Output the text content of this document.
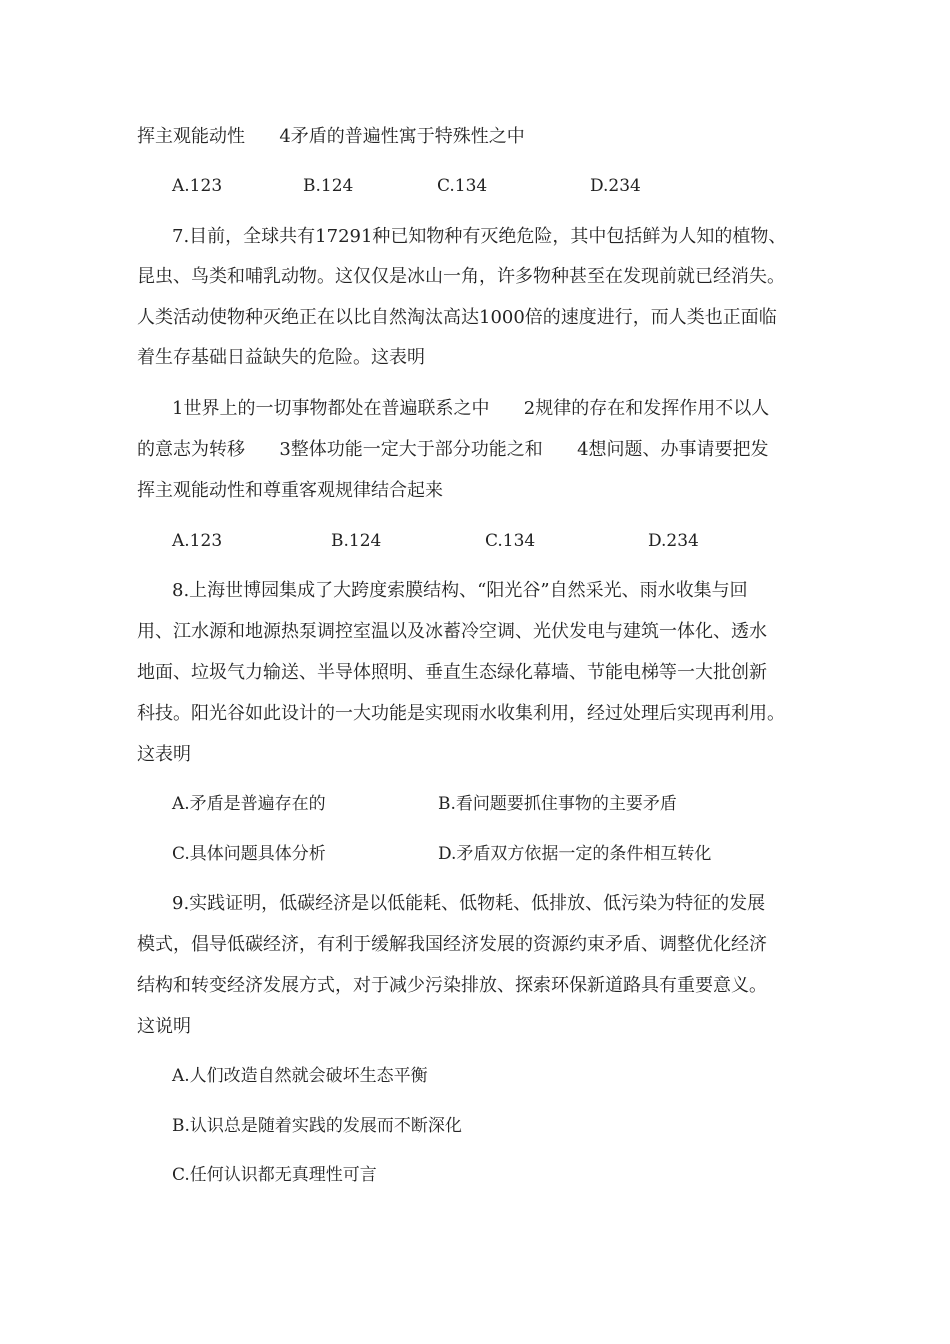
挥主观能动性      4矛盾的普遍性寓于特殊性之中
A.123	B.124	C.134	D.234
7.目前，全球共有17291种已知物种有灭绝危险，其中包括鲜为人知的植物、
昆虫、鸟类和哺乳动物。这仅仅是冰山一角，许多物种甚至在发现前就已经消失。
人类活动使物种灭绝正在以比自然淘汰高达1000倍的速度进行，而人类也正面临
着生存基础日益缺失的危险。这表明
1世界上的一切事物都处在普遍联系之中      2规律的存在和发挥作用不以人
的意志为转移      3整体功能一定大于部分功能之和      4想问题、办事请要把发
挥主观能动性和尊重客观规律结合起来
A.123	B.124	C.134	D.234
8.上海世博园集成了大跨度索膜结构、“阳光谷”自然采光、雨水收集与回
用、江水源和地源热泵调控室温以及冰蓄冷空调、光伏发电与建筑一体化、透水
地面、垃圾气力输送、半导体照明、垂直生态绿化幕墙、节能电梯等一大批创新
科技。阳光谷如此设计的一大功能是实现雨水收集利用，经过处理后实现再利用。
这表明
A.矛盾是普遍存在的	B.看问题要抓住事物的主要矛盾
C.具体问题具体分析	D.矛盾双方依据一定的条件相互转化
9.实践证明，低碳经济是以低能耗、低物耗、低排放、低污染为特征的发展
模式，倡导低碳经济，有利于缓解我国经济发展的资源约束矛盾、调整优化经济
结构和转变经济发展方式，对于减少污染排放、探索环保新道路具有重要意义。
这说明
A.人们改造自然就会破坏生态平衡
B.认识总是随着实践的发展而不断深化
C.任何认识都无真理性可言
